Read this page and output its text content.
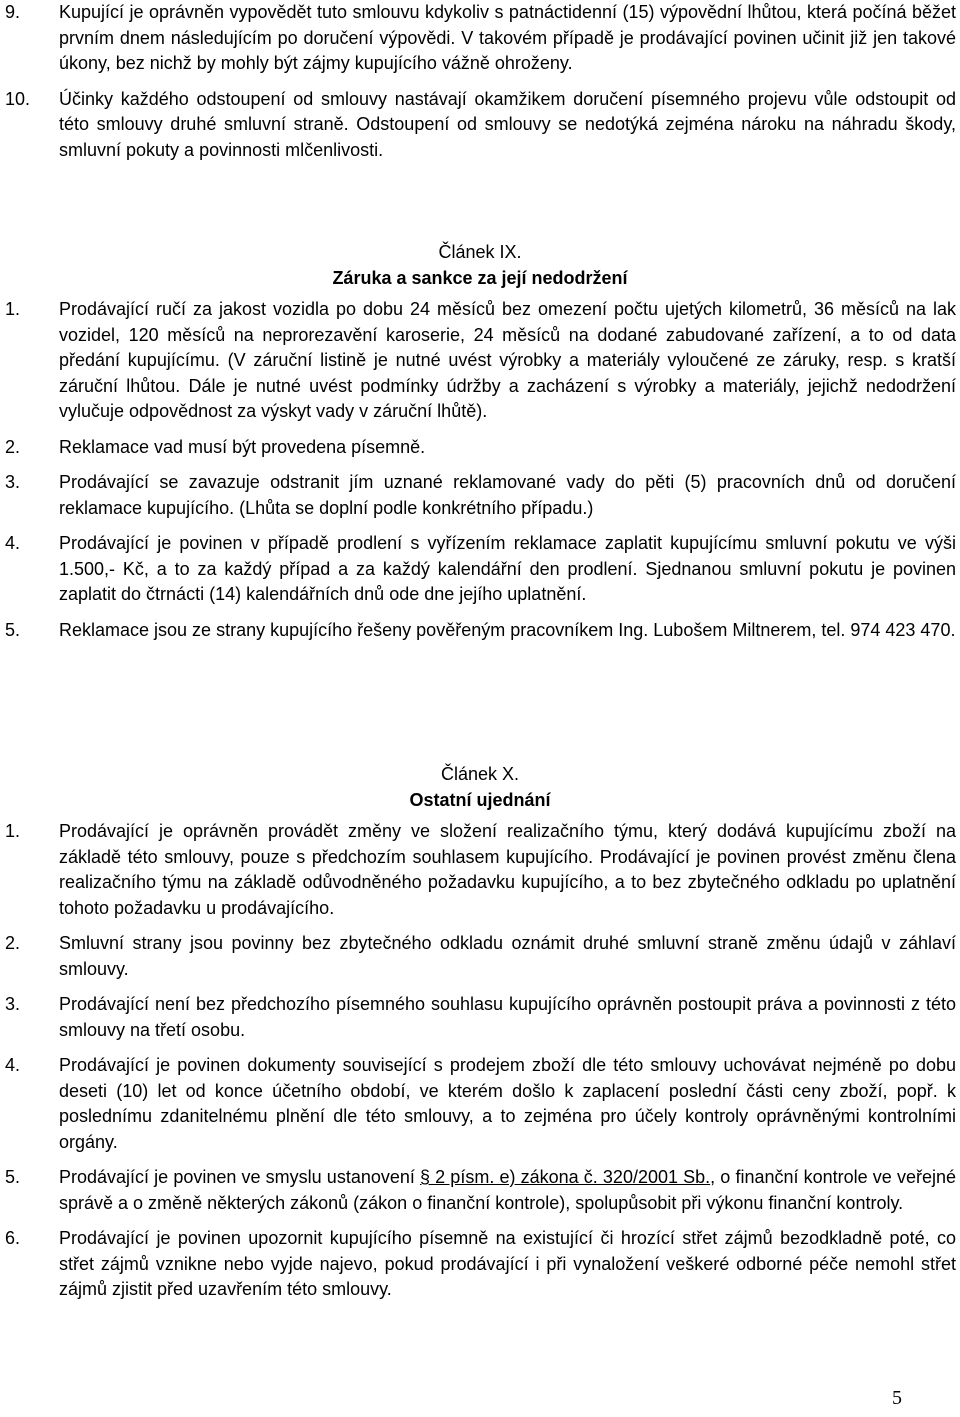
9.	Kupující je oprávněn vypovědět tuto smlouvu kdykoliv s patnáctidenní (15) výpovědní lhůtou, která počíná běžet prvním dnem následujícím po doručení výpovědi. V takovém případě je prodávající povinen učinit již jen takové úkony, bez nichž by mohly být zájmy kupujícího vážně ohroženy.
10.	Účinky každého odstoupení od smlouvy nastávají okamžikem doručení písemného projevu vůle odstoupit od této smlouvy druhé smluvní straně. Odstoupení od smlouvy se nedotýká zejména nároku na náhradu škody, smluvní pokuty a povinnosti mlčenlivosti.
Článek IX.
Záruka a sankce za její nedodržení
1.	Prodávající ručí za jakost vozidla po dobu 24 měsíců bez omezení počtu ujetých kilometrů, 36 měsíců na lak vozidel, 120 měsíců na neprorezavění karoserie, 24 měsíců na dodané zabudované zařízení, a to od data předání kupujícímu. (V záruční listině je nutné uvést výrobky a materiály vyloučené ze záruky, resp. s kratší záruční lhůtou. Dále je nutné uvést podmínky údržby a zacházení s výrobky a materiály, jejichž nedodržení vylučuje odpovědnost za výskyt vady v záruční lhůtě).
2.	Reklamace vad musí být provedena písemně.
3.	Prodávající se zavazuje odstranit jím uznané reklamované vady do pěti (5) pracovních dnů od doručení reklamace kupujícího. (Lhůta se doplní podle konkrétního případu.)
4.	Prodávající je povinen v případě prodlení s vyřízením reklamace zaplatit kupujícímu smluvní pokutu ve výši 1.500,- Kč, a to za každý případ a za každý kalendářní den prodlení. Sjednanou smluvní pokutu je povinen zaplatit do čtrnácti (14) kalendářních dnů ode dne jejího uplatnění.
5.	Reklamace jsou ze strany kupujícího řešeny pověřeným pracovníkem Ing. Lubošem Miltnerem, tel. 974 423 470.
Článek X.
Ostatní ujednání
1.	Prodávající je oprávněn provádět změny ve složení realizačního týmu, který dodává kupujícímu zboží na základě této smlouvy, pouze s předchozím souhlasem kupujícího. Prodávající je povinen provést změnu člena realizačního týmu na základě odůvodněného požadavku kupujícího, a to bez zbytečného odkladu po uplatnění tohoto požadavku u prodávajícího.
2.	Smluvní strany jsou povinny bez zbytečného odkladu oznámit druhé smluvní straně změnu údajů v záhlaví smlouvy.
3.	Prodávající není bez předchozího písemného souhlasu kupujícího oprávněn postoupit práva a povinnosti z této smlouvy na třetí osobu.
4.	Prodávající je povinen dokumenty související s prodejem zboží dle této smlouvy uchovávat nejméně po dobu deseti (10) let od konce účetního období, ve kterém došlo k zaplacení poslední části ceny zboží, popř. k poslednímu zdanitelnému plnění dle této smlouvy, a to zejména pro účely kontroly oprávněnými kontrolními orgány.
5.	Prodávající je povinen ve smyslu ustanovení § 2 písm. e) zákona č. 320/2001 Sb., o finanční kontrole ve veřejné správě a o změně některých zákonů (zákon o finanční kontrole), spolupůsobit při výkonu finanční kontroly.
6.	Prodávající je povinen upozornit kupujícího písemně na existující či hrozící střet zájmů bezodkladně poté, co střet zájmů vznikne nebo vyjde najevo, pokud prodávající i při vynaložení veškeré odborné péče nemohl střet zájmů zjistit před uzavřením této smlouvy.
5
